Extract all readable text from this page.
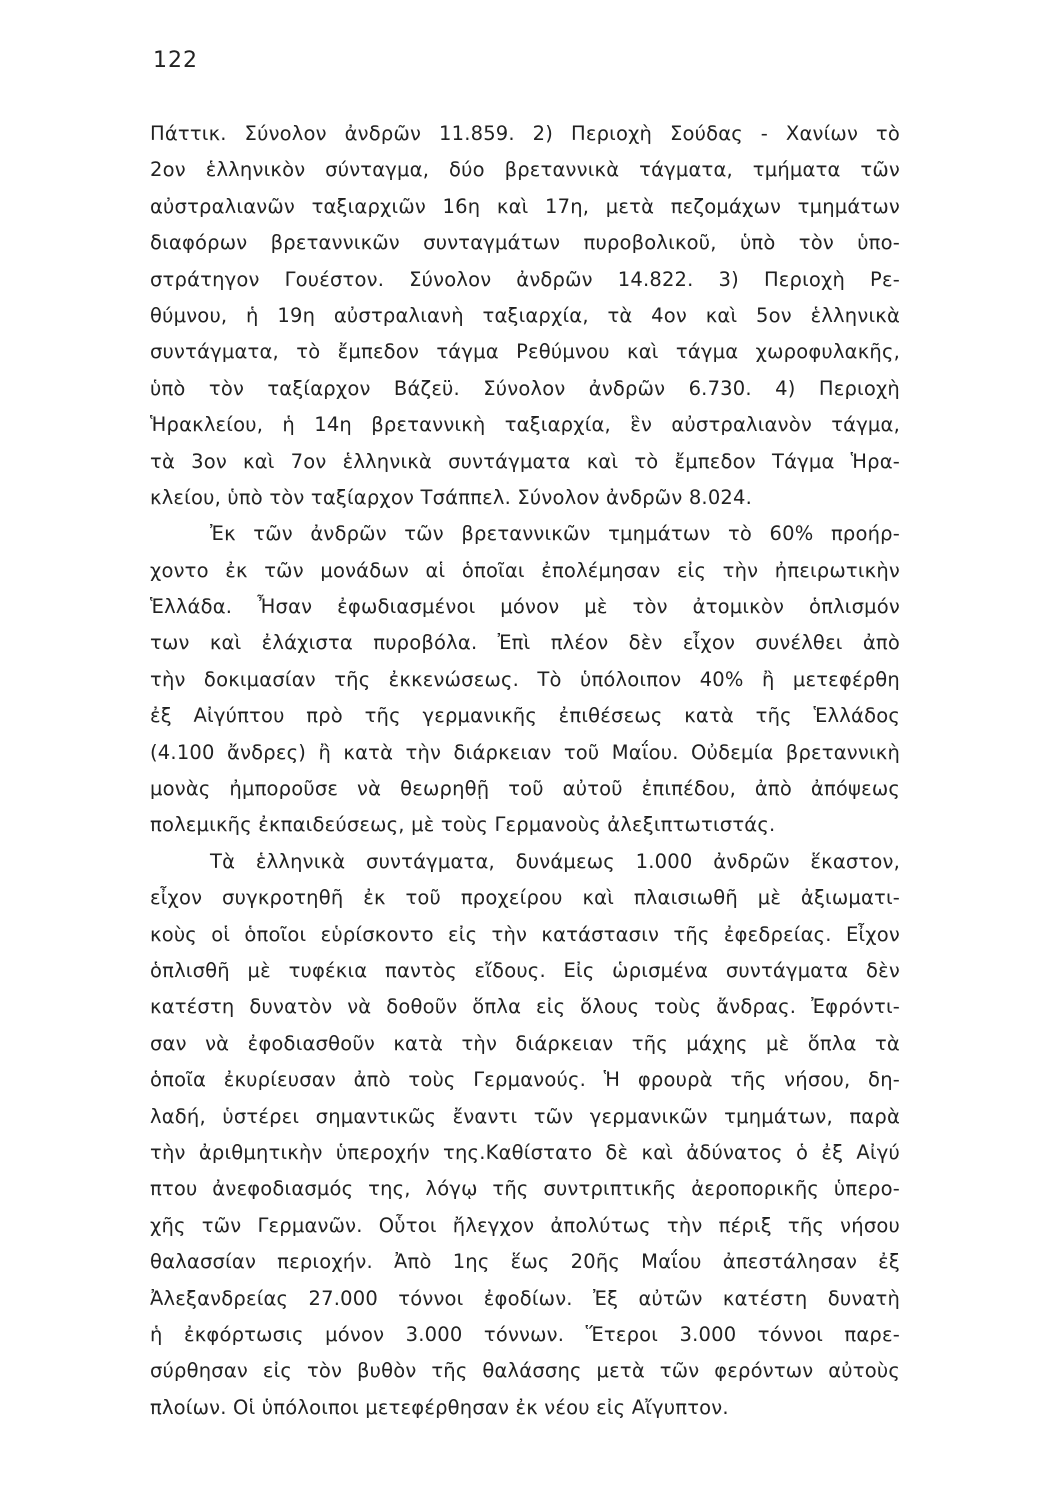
122
Πάττικ. Σύνολον ἀνδρῶν 11.859. 2) Περιοχὴ Σούδας - Χανίων τὸ
2ον ἑλληνικὸν σύνταγμα, δύο βρεταννικὰ τάγματα, τμήματα τῶν
αὐστραλιανῶν ταξιαρχιῶν 16η καὶ 17η, μετὰ πεζομάχων τμημάτων
διαφόρων βρεταννικῶν συνταγμάτων πυροβολικοῦ, ὑπὸ τὸν ὑπο-
στράτηγον Γουέστον. Σύνολον ἀνδρῶν 14.822. 3) Περιοχὴ Ρε-
θύμνου, ἡ 19η αὐστραλιανὴ ταξιαρχία, τὰ 4ον καὶ 5ον ἑλληνικὰ
συντάγματα, τὸ ἔμπεδον τάγμα Ρεθύμνου καὶ τάγμα χωροφυλακῆς,
ὑπὸ τὸν ταξίαρχον Βάζεϋ. Σύνολον ἀνδρῶν 6.730. 4) Περιοχὴ
Ἡρακλείου, ἡ 14η βρεταννικὴ ταξιαρχία, ἓν αὐστραλιανὸν τάγμα,
τὰ 3ον καὶ 7ον ἑλληνικὰ συντάγματα καὶ τὸ ἔμπεδον Τάγμα Ἡρα-
κλείου, ὑπὸ τὸν ταξίαρχον Τσάππελ. Σύνολον ἀνδρῶν 8.024.
Ἐκ τῶν ἀνδρῶν τῶν βρεταννικῶν τμημάτων τὸ 60% προήρ-
χοντο ἐκ τῶν μονάδων αἱ ὁποῖαι ἐπολέμησαν εἰς τὴν ἠπειρωτικὴν
Ἑλλάδα. Ἦσαν ἐφωδιασμένοι μόνον μὲ τὸν ἀτομικὸν ὁπλισμόν
των καὶ ἐλάχιστα πυροβόλα. Ἐπὶ πλέον δὲν εἶχον συνέλθει ἀπὸ
τὴν δοκιμασίαν τῆς ἐκκενώσεως. Τὸ ὑπόλοιπον 40% ἢ μετεφέρθη
ἐξ Αἰγύπτου πρὸ τῆς γερμανικῆς ἐπιθέσεως κατὰ τῆς Ἑλλάδος
(4.100 ἄνδρες) ἢ κατὰ τὴν διάρκειαν τοῦ Μαΐου. Οὐδεμία βρεταννικὴ
μονὰς ἠμποροῦσε νὰ θεωρηθῇ τοῦ αὐτοῦ ἐπιπέδου, ἀπὸ ἀπόψεως
πολεμικῆς ἐκπαιδεύσεως, μὲ τοὺς Γερμανοὺς ἀλεξιπτωτιστάς.
Τὰ ἑλληνικὰ συντάγματα, δυνάμεως 1.000 ἀνδρῶν ἕκαστον,
εἶχον συγκροτηθῆ ἐκ τοῦ προχείρου καὶ πλαισιωθῆ μὲ ἀξιωματι-
κοὺς οἱ ὁποῖοι εὑρίσκοντο εἰς τὴν κατάστασιν τῆς ἐφεδρείας. Εἶχον
ὁπλισθῆ μὲ τυφέκια παντὸς εἴδους. Εἰς ὡρισμένα συντάγματα δὲν
κατέστη δυνατὸν νὰ δοθοῦν ὅπλα εἰς ὅλους τοὺς ἄνδρας. Ἐφρόντι-
σαν νὰ ἐφοδιασθοῦν κατὰ τὴν διάρκειαν τῆς μάχης μὲ ὅπλα τὰ
ὁποῖα ἐκυρίευσαν ἀπὸ τοὺς Γερμανούς. Ἡ φρουρὰ τῆς νήσου, δη-
λαδή, ὑστέρει σημαντικῶς ἔναντι τῶν γερμανικῶν τμημάτων, παρὰ
τὴν ἀριθμητικὴν ὑπεροχήν της.Καθίστατο δὲ καὶ ἀδύνατος ὁ ἐξ Αἰγύ
πτου ἀνεφοδιασμός της, λόγῳ τῆς συντριπτικῆς ἀεροπορικῆς ὑπερο-
χῆς τῶν Γερμανῶν. Οὗτοι ἤλεγχον ἀπολύτως τὴν πέριξ τῆς νήσου
θαλασσίαν περιοχήν. Ἀπὸ 1ης ἕως 20ῆς Μαΐου ἀπεστάλησαν ἐξ
Ἀλεξανδρείας 27.000 τόννοι ἐφοδίων. Ἐξ αὐτῶν κατέστη δυνατὴ
ἡ ἐκφόρτωσις μόνον 3.000 τόννων. Ἕτεροι 3.000 τόννοι παρε-
σύρθησαν εἰς τὸν βυθὸν τῆς θαλάσσης μετὰ τῶν φερόντων αὐτοὺς
πλοίων. Οἱ ὑπόλοιποι μετεφέρθησαν ἐκ νέου εἰς Αἴγυπτον.
